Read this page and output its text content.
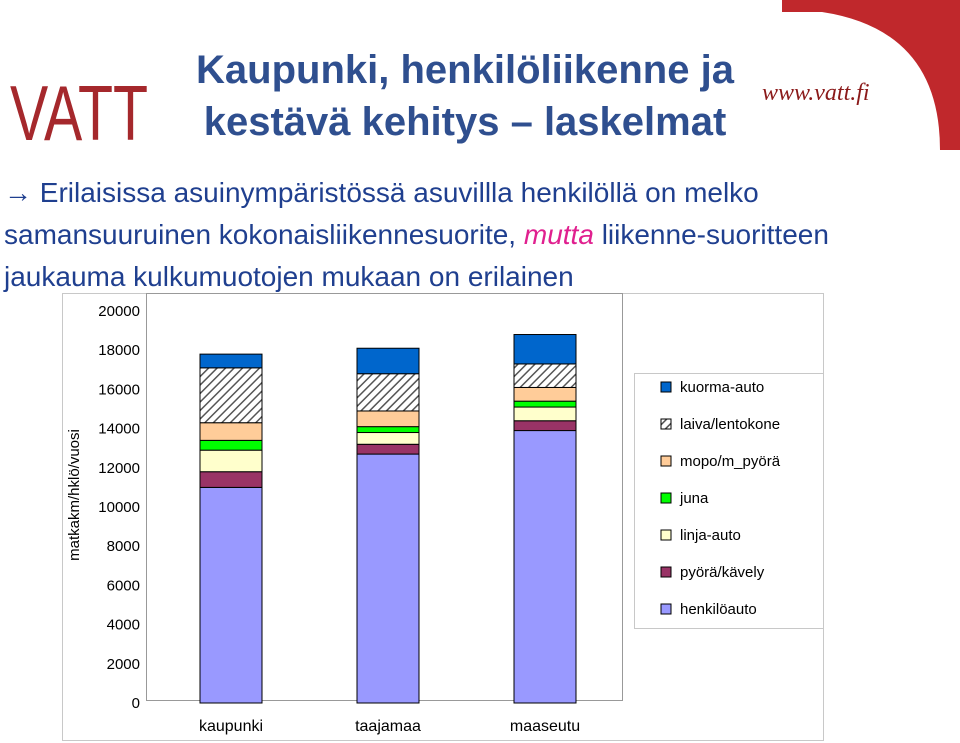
VATT	www.vatt.fi
Kaupunki, henkilöliikenne ja
kestävä kehitys – laskelmat
→ Erilaisissa asuinympäristössä asuvillla henkilöllä on melko samansuuruinen kokonaisliikennesuorite, mutta liikenne-suoritteen jaukauma kulkumuotojen mukaan on erilainen
matkakm/hklö/vuosi
0
2000
4000
6000
8000
10000
12000
14000
16000
18000
20000
kaupunki	taajamaa	maaseutu
kuorma-auto
laiva/lentokone
mopo/m_pyörä
juna
linja-auto
pyörä/kävely
henkilöauto
